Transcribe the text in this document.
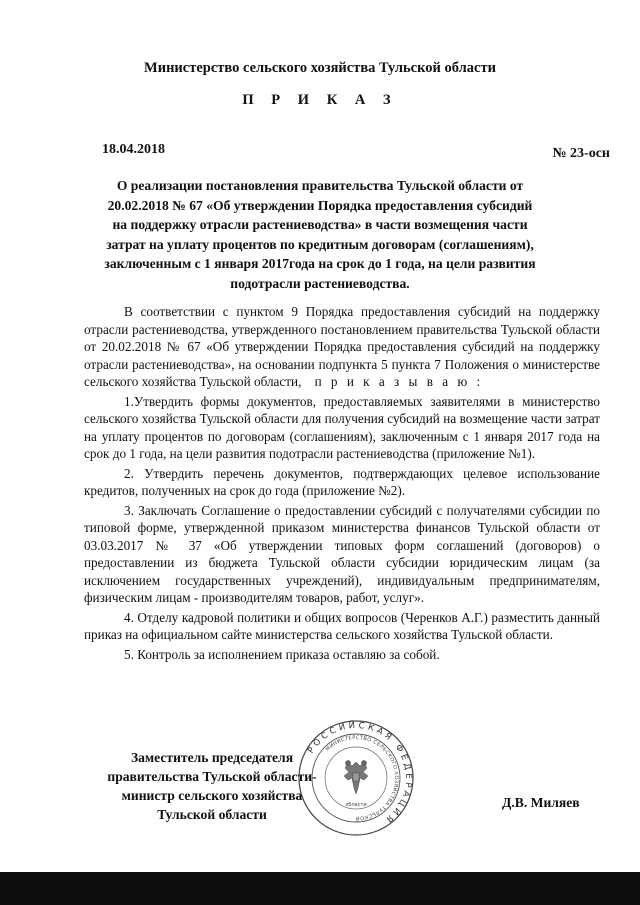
Министерство сельского хозяйства Тульской области
П Р И К А З
18.04.2018	№ 23-осн
О реализации постановления правительства Тульской области от
20.02.2018 № 67 «Об утверждении Порядка предоставления субсидий
на поддержку отрасли растениеводства» в части возмещения части
затрат на уплату процентов по кредитным договорам (соглашениям),
заключенным с 1 января 2017года на срок до 1 года, на цели развития
подотрасли растениеводства.

В соответствии с пунктом 9 Порядка предоставления субсидий на поддержку отрасли растениеводства, утвержденного постановлением правительства Тульской области от 20.02.2018 № 67 «Об утверждении Порядка предоставления субсидий на поддержку отрасли растениеводства», на основании подпункта 5 пункта 7 Положения о министерстве сельского хозяйства Тульской области, п р и к а з ы в а ю :

1.Утвердить формы документов, предоставляемых заявителями в министерство сельского хозяйства Тульской области для получения субсидий на возмещение части затрат на уплату процентов по договорам (соглашениям), заключенным с 1 января 2017 года на срок до 1 года, на цели развития подотрасли растениеводства (приложение №1).

2. Утвердить перечень документов, подтверждающих целевое использование кредитов, полученных на срок до года (приложение №2).

3. Заключать Соглашение о предоставлении субсидий с получателями субсидии по типовой форме, утвержденной приказом министерства финансов Тульской области от 03.03.2017 № 37 «Об утверждении типовых форм соглашений (договоров) о предоставлении из бюджета Тульской области субсидии юридическим лицам (за исключением государственных учреждений), индивидуальным предпринимателям, физическим лицам - производителям товаров, работ, услуг».

4. Отделу кадровой политики и общих вопросов (Черенков А.Г.) разместить данный приказ на официальном сайте министерства сельского хозяйства Тульской области.

5. Контроль за исполнением приказа оставляю за собой.

Заместитель председателя
правительства Тульской области-
министр сельского хозяйства
Тульской области
РОССИЙСКАЯ ФЕДЕРАЦИЯ
МИНИСТЕРСТВО СЕЛЬСКОГО ХОЗЯЙСТВА ТУЛЬСКОЙ
области	Д.В. Миляев
